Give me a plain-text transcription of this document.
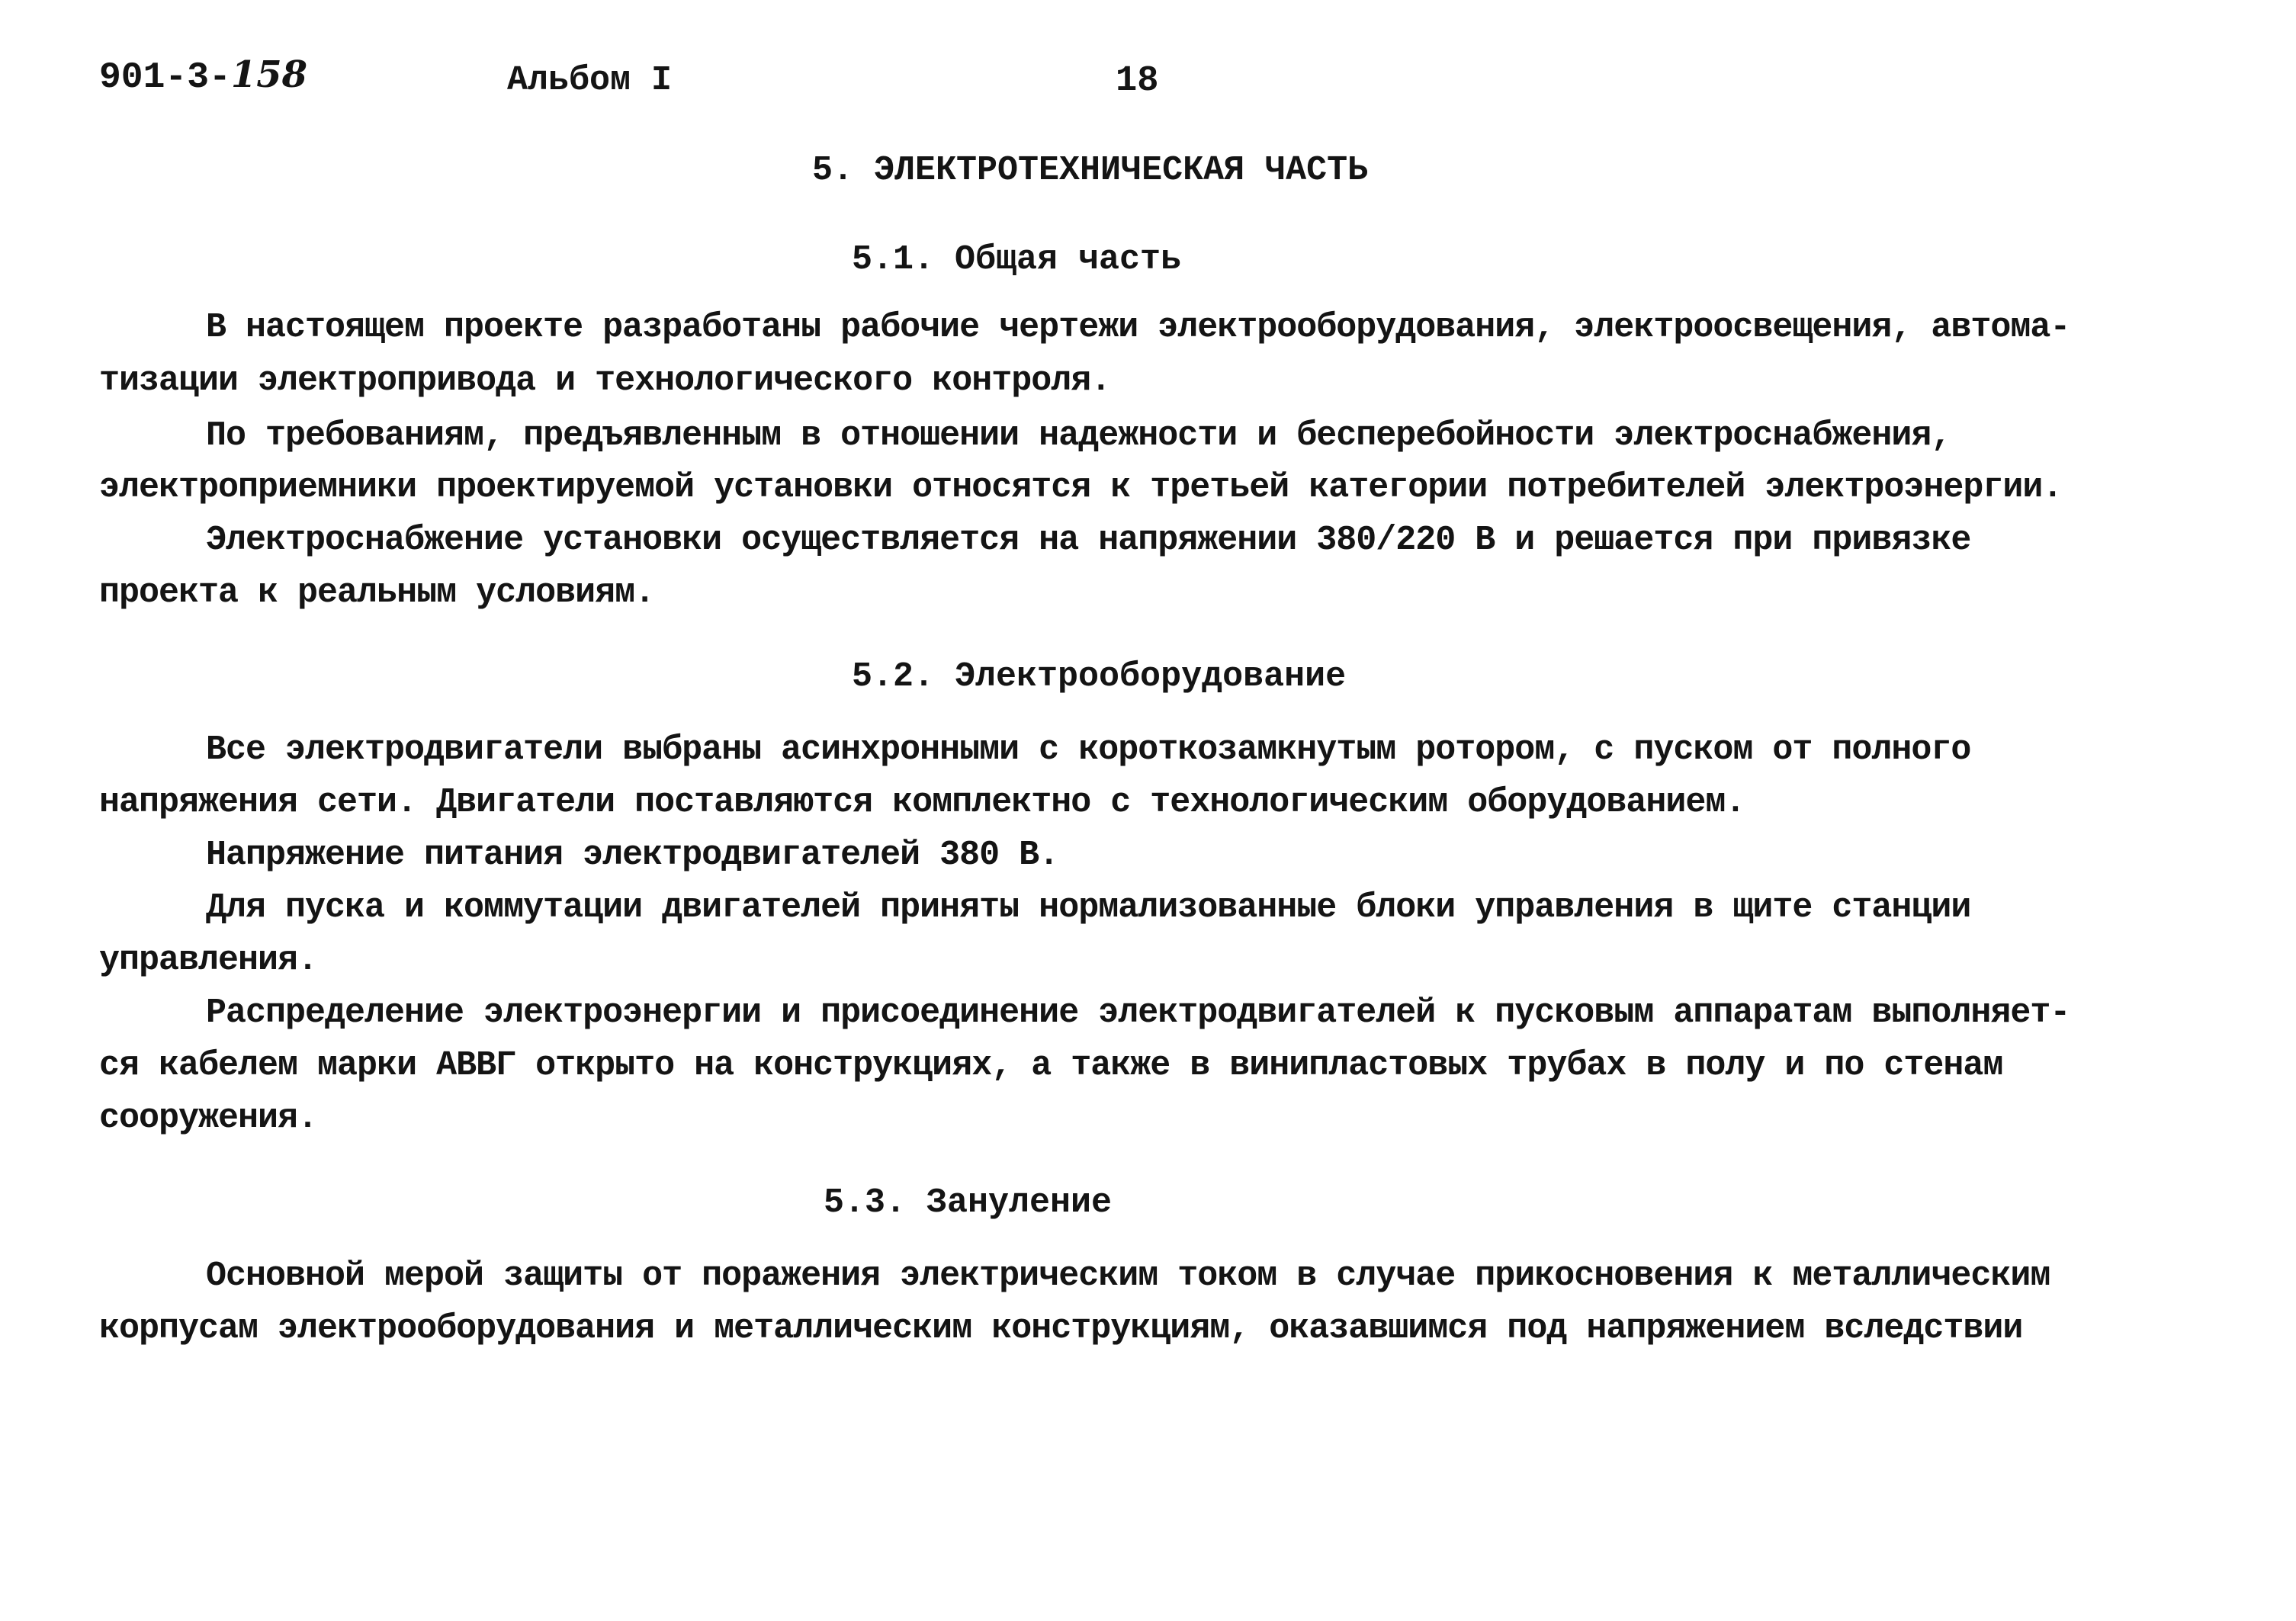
901-3-158	Альбом I	18
5. ЭЛЕКТРОТЕХНИЧЕСКАЯ ЧАСТЬ
5.1. Общая часть
В настоящем проекте разработаны рабочие чертежи электрооборудования, электроосвещения, автома-
тизации электропривода и технологического контроля.
По требованиям, предъявленным в отношении надежности и бесперебойности электроснабжения,
электроприемники проектируемой установки относятся к третьей категории потребителей электроэнергии.
Электроснабжение установки осуществляется на напряжении 380/220 В и решается при привязке
проекта к реальным условиям.
5.2. Электрооборудование
Все электродвигатели выбраны асинхронными с короткозамкнутым ротором, с пуском от полного
напряжения сети. Двигатели поставляются комплектно с технологическим оборудованием.
Напряжение питания электродвигателей 380 В.
Для пуска и коммутации двигателей приняты нормализованные блоки управления в щите станции
управления.
Распределение электроэнергии и присоединение электродвигателей к пусковым аппаратам выполняет-
ся кабелем марки АВВГ открыто на конструкциях, а также в винипластовых трубах в полу и по стенам
сооружения.
5.3. Зануление
Основной мерой защиты от поражения электрическим током в случае прикосновения к металлическим
корпусам электрооборудования и металлическим конструкциям, оказавшимся под напряжением вследствии
